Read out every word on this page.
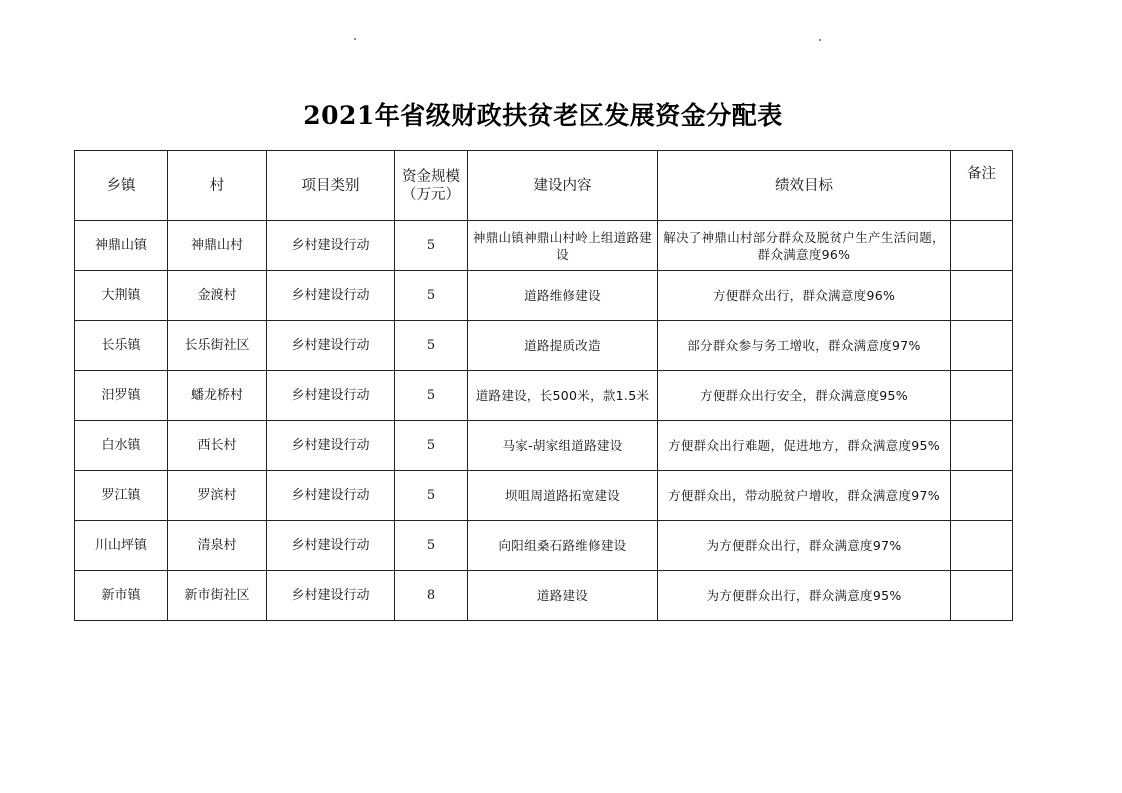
2021年省级财政扶贫老区发展资金分配表
乡镇	村	项目类别	资金规模（万元）	建设内容	绩效目标	备注
神鼎山镇	神鼎山村	乡村建设行动	5	神鼎山镇神鼎山村岭上组道路建设	解决了神鼎山村部分群众及脱贫户生产生活问题，群众满意度96%	
大荆镇	金渡村	乡村建设行动	5	道路维修建设	方便群众出行，群众满意度96%	
长乐镇	长乐街社区	乡村建设行动	5	道路提质改造	部分群众参与务工增收，群众满意度97%	
汨罗镇	蟠龙桥村	乡村建设行动	5	道路建设，长500米，款1.5米	方便群众出行安全，群众满意度95%	
白水镇	西长村	乡村建设行动	5	马家-胡家组道路建设	方便群众出行难题，促进地方，群众满意度95%	
罗江镇	罗滨村	乡村建设行动	5	坝咀周道路拓宽建设	方便群众出，带动脱贫户增收，群众满意度97%	
川山坪镇	清泉村	乡村建设行动	5	向阳组桑石路维修建设	为方便群众出行，群众满意度97%	
新市镇	新市街社区	乡村建设行动	8	道路建设	为方便群众出行，群众满意度95%	
